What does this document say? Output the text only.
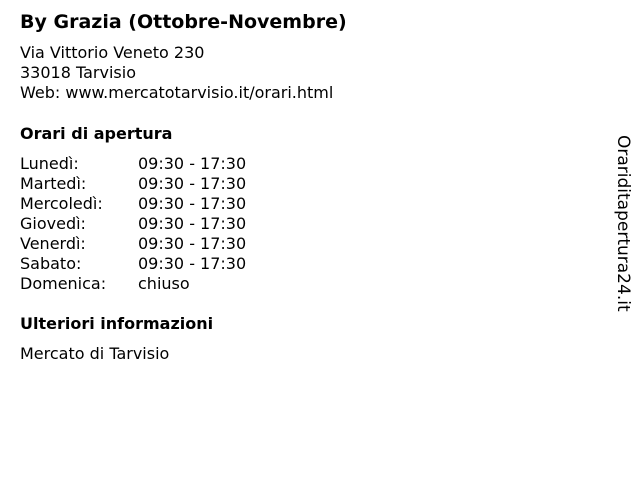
By Grazia (Ottobre-Novembre)
Via Vittorio Veneto 230
33018 Tarvisio
Web: www.mercatotarvisio.it/orari.html
Orari di apertura
Lunedì:	09:30 - 17:30
Martedì:	09:30 - 17:30
Mercoledì: 09:30 - 17:30
Giovedì:	09:30 - 17:30
Venerdì:	09:30 - 17:30
Sabato:	09:30 - 17:30
Domenica: chiuso
Ulteriori informazioni
Mercato di Tarvisio
Orariditapertura24.it
